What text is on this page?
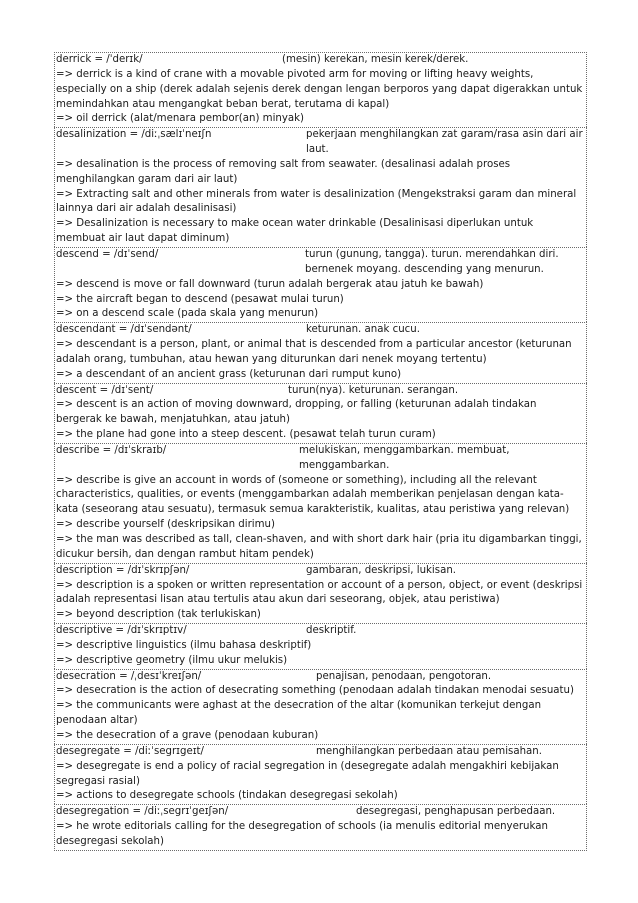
derrick = /ˈderɪk/	(mesin) kerekan, mesin kerek/derek.
=> derrick is a kind of crane with a movable pivoted arm for moving or lifting heavy weights, especially on a ship (derek adalah sejenis derek dengan lengan berporos yang dapat digerakkan untuk memindahkan atau mengangkat beban berat, terutama di kapal)
=> oil derrick (alat/menara pembor(an) minyak)
desalinization = /diːˌsælɪˈneɪʃn	pekerjaan menghilangkan zat garam/rasa asin dari air laut.
=> desalination is the process of removing salt from seawater. (desalinasi adalah proses menghilangkan garam dari air laut)
=> Extracting salt and other minerals from water is desalinization (Mengekstraksi garam dan mineral lainnya dari air adalah desalinisasi)
=> Desalinization is necessary to make ocean water drinkable (Desalinisasi diperlukan untuk membuat air laut dapat diminum)
descend = /dɪˈsend/	turun (gunung, tangga). turun. merendahkan diri. bernenek moyang. descending yang menurun.
=> descend is move or fall downward (turun adalah bergerak atau jatuh ke bawah)
=> the aircraft began to descend (pesawat mulai turun)
=> on a descend scale (pada skala yang menurun)
descendant = /dɪˈsendənt/	keturunan. anak cucu.
=> descendant is a person, plant, or animal that is descended from a particular ancestor (keturunan adalah orang, tumbuhan, atau hewan yang diturunkan dari nenek moyang tertentu)
=> a descendant of an ancient grass (keturunan dari rumput kuno)
descent = /dɪˈsent/	turun(nya). keturunan. serangan.
=> descent is an action of moving downward, dropping, or falling (keturunan adalah tindakan bergerak ke bawah, menjatuhkan, atau jatuh)
=> the plane had gone into a steep descent. (pesawat telah turun curam)
describe = /dɪˈskraɪb/	melukiskan, menggambarkan. membuat, menggambarkan.
=> describe is give an account in words of (someone or something), including all the relevant characteristics, qualities, or events (menggambarkan adalah memberikan penjelasan dengan kata-kata (seseorang atau sesuatu), termasuk semua karakteristik, kualitas, atau peristiwa yang relevan)
=> describe yourself (deskripsikan dirimu)
=> the man was described as tall, clean-shaven, and with short dark hair (pria itu digambarkan tinggi, dicukur bersih, dan dengan rambut hitam pendek)
description = /dɪˈskrɪpʃən/	gambaran, deskripsi, lukisan.
=> description is a spoken or written representation or account of a person, object, or event (deskripsi adalah representasi lisan atau tertulis atau akun dari seseorang, objek, atau peristiwa)
=> beyond description (tak terlukiskan)
descriptive = /dɪˈskrɪptɪv/	deskriptif.
=> descriptive linguistics (ilmu bahasa deskriptif)
=> descriptive geometry (ilmu ukur melukis)
desecration = /ˌdesɪˈkreɪʃən/	penajisan, penodaan, pengotoran.
=> desecration is the action of desecrating something (penodaan adalah tindakan menodai sesuatu)
=> the communicants were aghast at the desecration of the altar (komunikan terkejut dengan penodaan altar)
=> the desecration of a grave (penodaan kuburan)
desegregate = /diːˈsegrɪgeɪt/	menghilangkan perbedaan atau pemisahan.
=> desegregate is end a policy of racial segregation in (desegregate adalah mengakhiri kebijakan segregasi rasial)
=> actions to desegregate schools (tindakan desegregasi sekolah)
desegregation = /diːˌsegrɪˈgeɪʃən/	desegregasi, penghapusan perbedaan.
=> he wrote editorials calling for the desegregation of schools (ia menulis editorial menyerukan desegregasi sekolah)
